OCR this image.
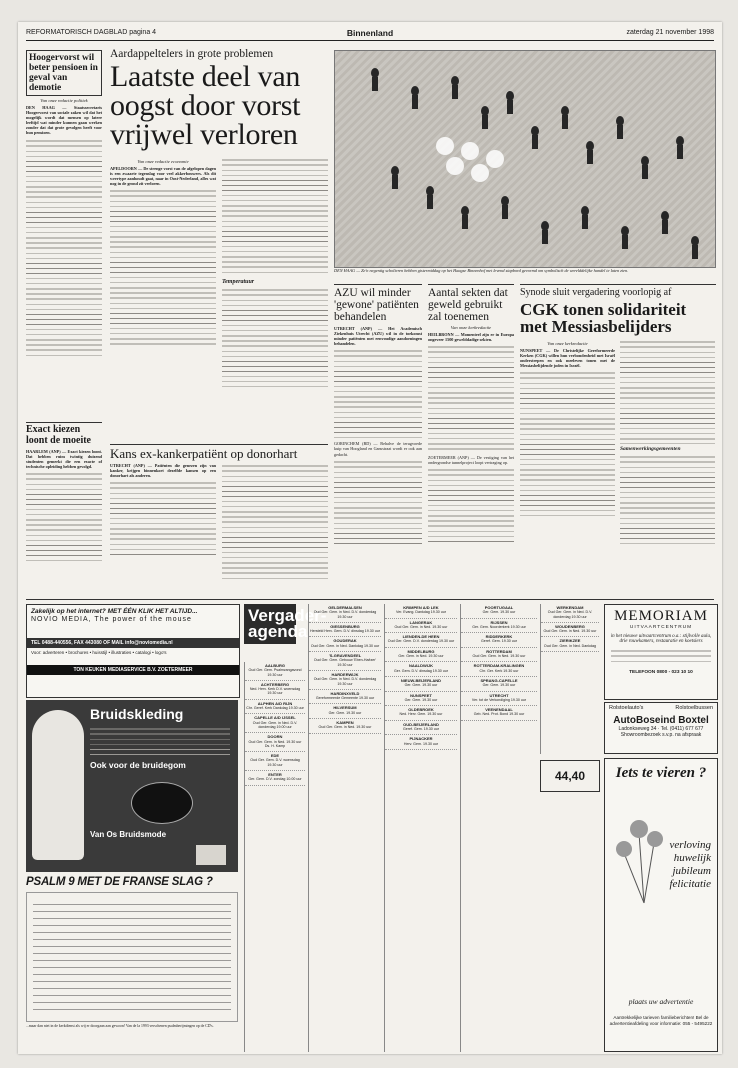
REFORMATORISCH DAGBLAD pagina 4	Binnenland	zaterdag 21 november 1998
Hoogervorst wil beter pensioen in geval van demotie
Van onze redactie politiek
DEN HAAG — Staatssecretaris Hoogervorst van sociale zaken wil dat het mogelijk wordt dat mensen op latere leeftijd wat minder kunnen gaan werken zonder dat dat grote gevolgen heeft voor hun pensioen.
Exact kiezen loont de moeite
HAARLEM (ANP) — Exact kiezen loont. Dat hebben ruim twintig duizend studenten gemerkt die een exacte of technische opleiding hebben gevolgd.
Aardappeltelers in grote problemen
Laatste deel van oogst door vorst vrijwel verloren
Van onze redactie economie
APELDOORN — De strenge vorst van de afgelopen dagen is een zwaarte tegenslag voor veel akkerbouwers. Als dit weertype aanhoudt gaat, naar in Oost-Nederland, alles wat nog in de grond zit verloren.
Temperatuur
Kans ex-kankerpatiënt op donorhart
UTRECHT (ANP) — Patiënten die genezen zijn van kanker, krijgen binnenkort dezelfde kansen op een donorhart als anderen.
DEN HAAG — Ze'n negentig scholieren hebben gistermiddag op het Haagse Binnenhof met levend stapbord gevormd om symbolisch de werelddelijke handel te laten zien.
AZU wil minder 'gewone' patiënten behandelen
UTRECHT (ANP) — Het Academisch Ziekenhuis Utrecht (AZU) wil in de toekomst minder patiënten met eenvoudige aandoeningen behandelen.
GORINCHEM (BD) — Behalve de terugvoede kuip van Hoogland en Gansstraat wordt er ook aan gedacht.
Aantal sekten dat geweld gebruikt zal toenemen
Van onze kerkredactie
HEILBRONN — Momenteel zijn er in Europa ongeveer 1500 gewelddadige sekten.
ZOETERMEER (ANP) — De vestiging van het ondergrondse tunnelproject loopt vertraging op.
Synode sluit vergadering voorlopig af
CGK tonen solidariteit met Messiasbelijders
Van onze kerkredactie
NUNSPEET — De Christelijke Gereformeerde Kerken (CGK) willen hun verbondenheid met Israël onderstrepen en ook meeleven tonen met de Messiasbelijdende joden in Israël.
Samenwerkingsgemeenten
Zakelijk op het internet? MET ÉÉN KLIK HET ALTIJD...
NOVIO MEDIA, The power of the mouse
TEL 0488-440556, FAX 443080 OF MAIL info@noviomedia.nl
Voor: adverteren • brochures • huisstijl • illustraties • catalogi • logo's
TON KEUKEN MEDIASERVICE B.V. ZOETERMEER
Bruidskleding
Ook voor de bruidegom
Van Os Bruidsmode
PSALM 9 MET DE FRANSE SLAG ?
...maar dan niet in de kerkdienst als wij er doorgaan aan gewoon! Van de la 1993 verschenen psalmberijmingen op de CD's.
Vergader-agenda
AALBURG
Oud Ger. Gem. Psalmzangavond 19.30 uur
ACHTERBERG
Ned. Herv. Kerk D.V. woensdag 19.30 uur
ALPHEN A/D RIJN
Chr. Geref. Kerk Dankdag 19.30 uur
CAPELLE A/D IJSSEL
Oud Ger. Gem. in Ned. D.V. donderdag 19.00 uur
DOORN
Oud Ger. Gem. in Ned. 19.30 uur Ds. H. Kamp
EDE
Oud Ger. Gem. D.V. woensdag 19.30 uur
ENTER
Ger. Gem. D.V. zondag 10.00 uur
GELDERMALSEN
Oud Ger. Gem. in Ned. D.V. donderdag 19.30 uur
GIESSENBURG
Hersteld Herv. Gem. D.V. dinsdag 19.30 uur
GOUDERAK
Oud Ger. Gem. in Ned. Dankdag 19.30 uur
'S-GRAVENDEEL
Oud Ger. Gem. Gebouw 'Eben-Haëzer' 19.30 uur
HARDERWIJK
Oud Ger. Gem. in Ned. D.V. donderdag 19.30 uur
HARDINXVELD
Gereformeerde Gemeente 19.30 uur
HILVERSUM
Ger. Gem. 19.30 uur
KAMPEN
Oud Ger. Gem. in Ned. 19.30 uur
KRIMPEN A/D LEK
Ver. Evang. Dankdag 19.30 uur
LANGERAK
Oud Ger. Gem. in Ned. 19.30 uur
LIENDEN-DE HEEN
Oud Ger. Gem. D.V. donderdag 19.30 uur
MIDDELBURG
Ger. Gem. in Ned. 19.30 uur
NAALDWIJK
Ger. Gem. D.V. dinsdag 19.30 uur
NIEUW-BEIJERLAND
Ger. Gem. 19.30 uur
NUNSPEET
Ger. Gem. 19.30 uur
OLDEBROEK
Ned. Herv. Gem. 19.30 uur
OUD-BEIJERLAND
Geref. Gem. 19.30 uur
PIJNACKER
Herv. Gem. 19.30 uur
POORTUGAAL
Ger. Gem. 19.30 uur
RIJSSEN
Ger. Gem. Noorderkerk 19.30 uur
RIDDERKERK
Geref. Gem. 19.30 uur
ROTTERDAM
Oud Ger. Gem. in Ned. 19.30 uur
ROTTERDAM-KRALINGEN
Chr. Ger. Kerk 19.30 uur
SPRANG-CAPELLE
Ger. Gem. 19.30 uur
UTRECHT
Ver. tot de Verkondiging 19.30 uur
VEENENDAAL
Geb. Ned. Prot. Bond 19.30 uur
WERKENDAM
Oud Ger. Gem. in Ned. D.V. donderdag 19.30 uur
WOUDENBERG
Oud Ger. Gem. in Ned. 19.30 uur
ZIERIKZEE
Oud Ger. Gem. in Ned. Dankdag
44,40
MEMORIAM
UITVAARTCENTRUM
in het nieuwe uitvaartcentrum o.a.: stijlvolle aula, drie rouwkamers, restauratie en koetsiers
TELEFOON 0800 - 023 10 10
Rolstoelauto's	Rolstoelbussen
AutoBoseind Boxtel
Ladonkseweg 34 · Tel. (0411) 677 677
Showroombezoek s.v.p. na afspraak
Iets te vieren ?
verloving
huwelijk
jubileum
felicitatie
plaats uw advertentie
Aantrekkelijke tarieven familieberichten! Bel de advertentieafdeling voor informatie: 055 - 5495222
